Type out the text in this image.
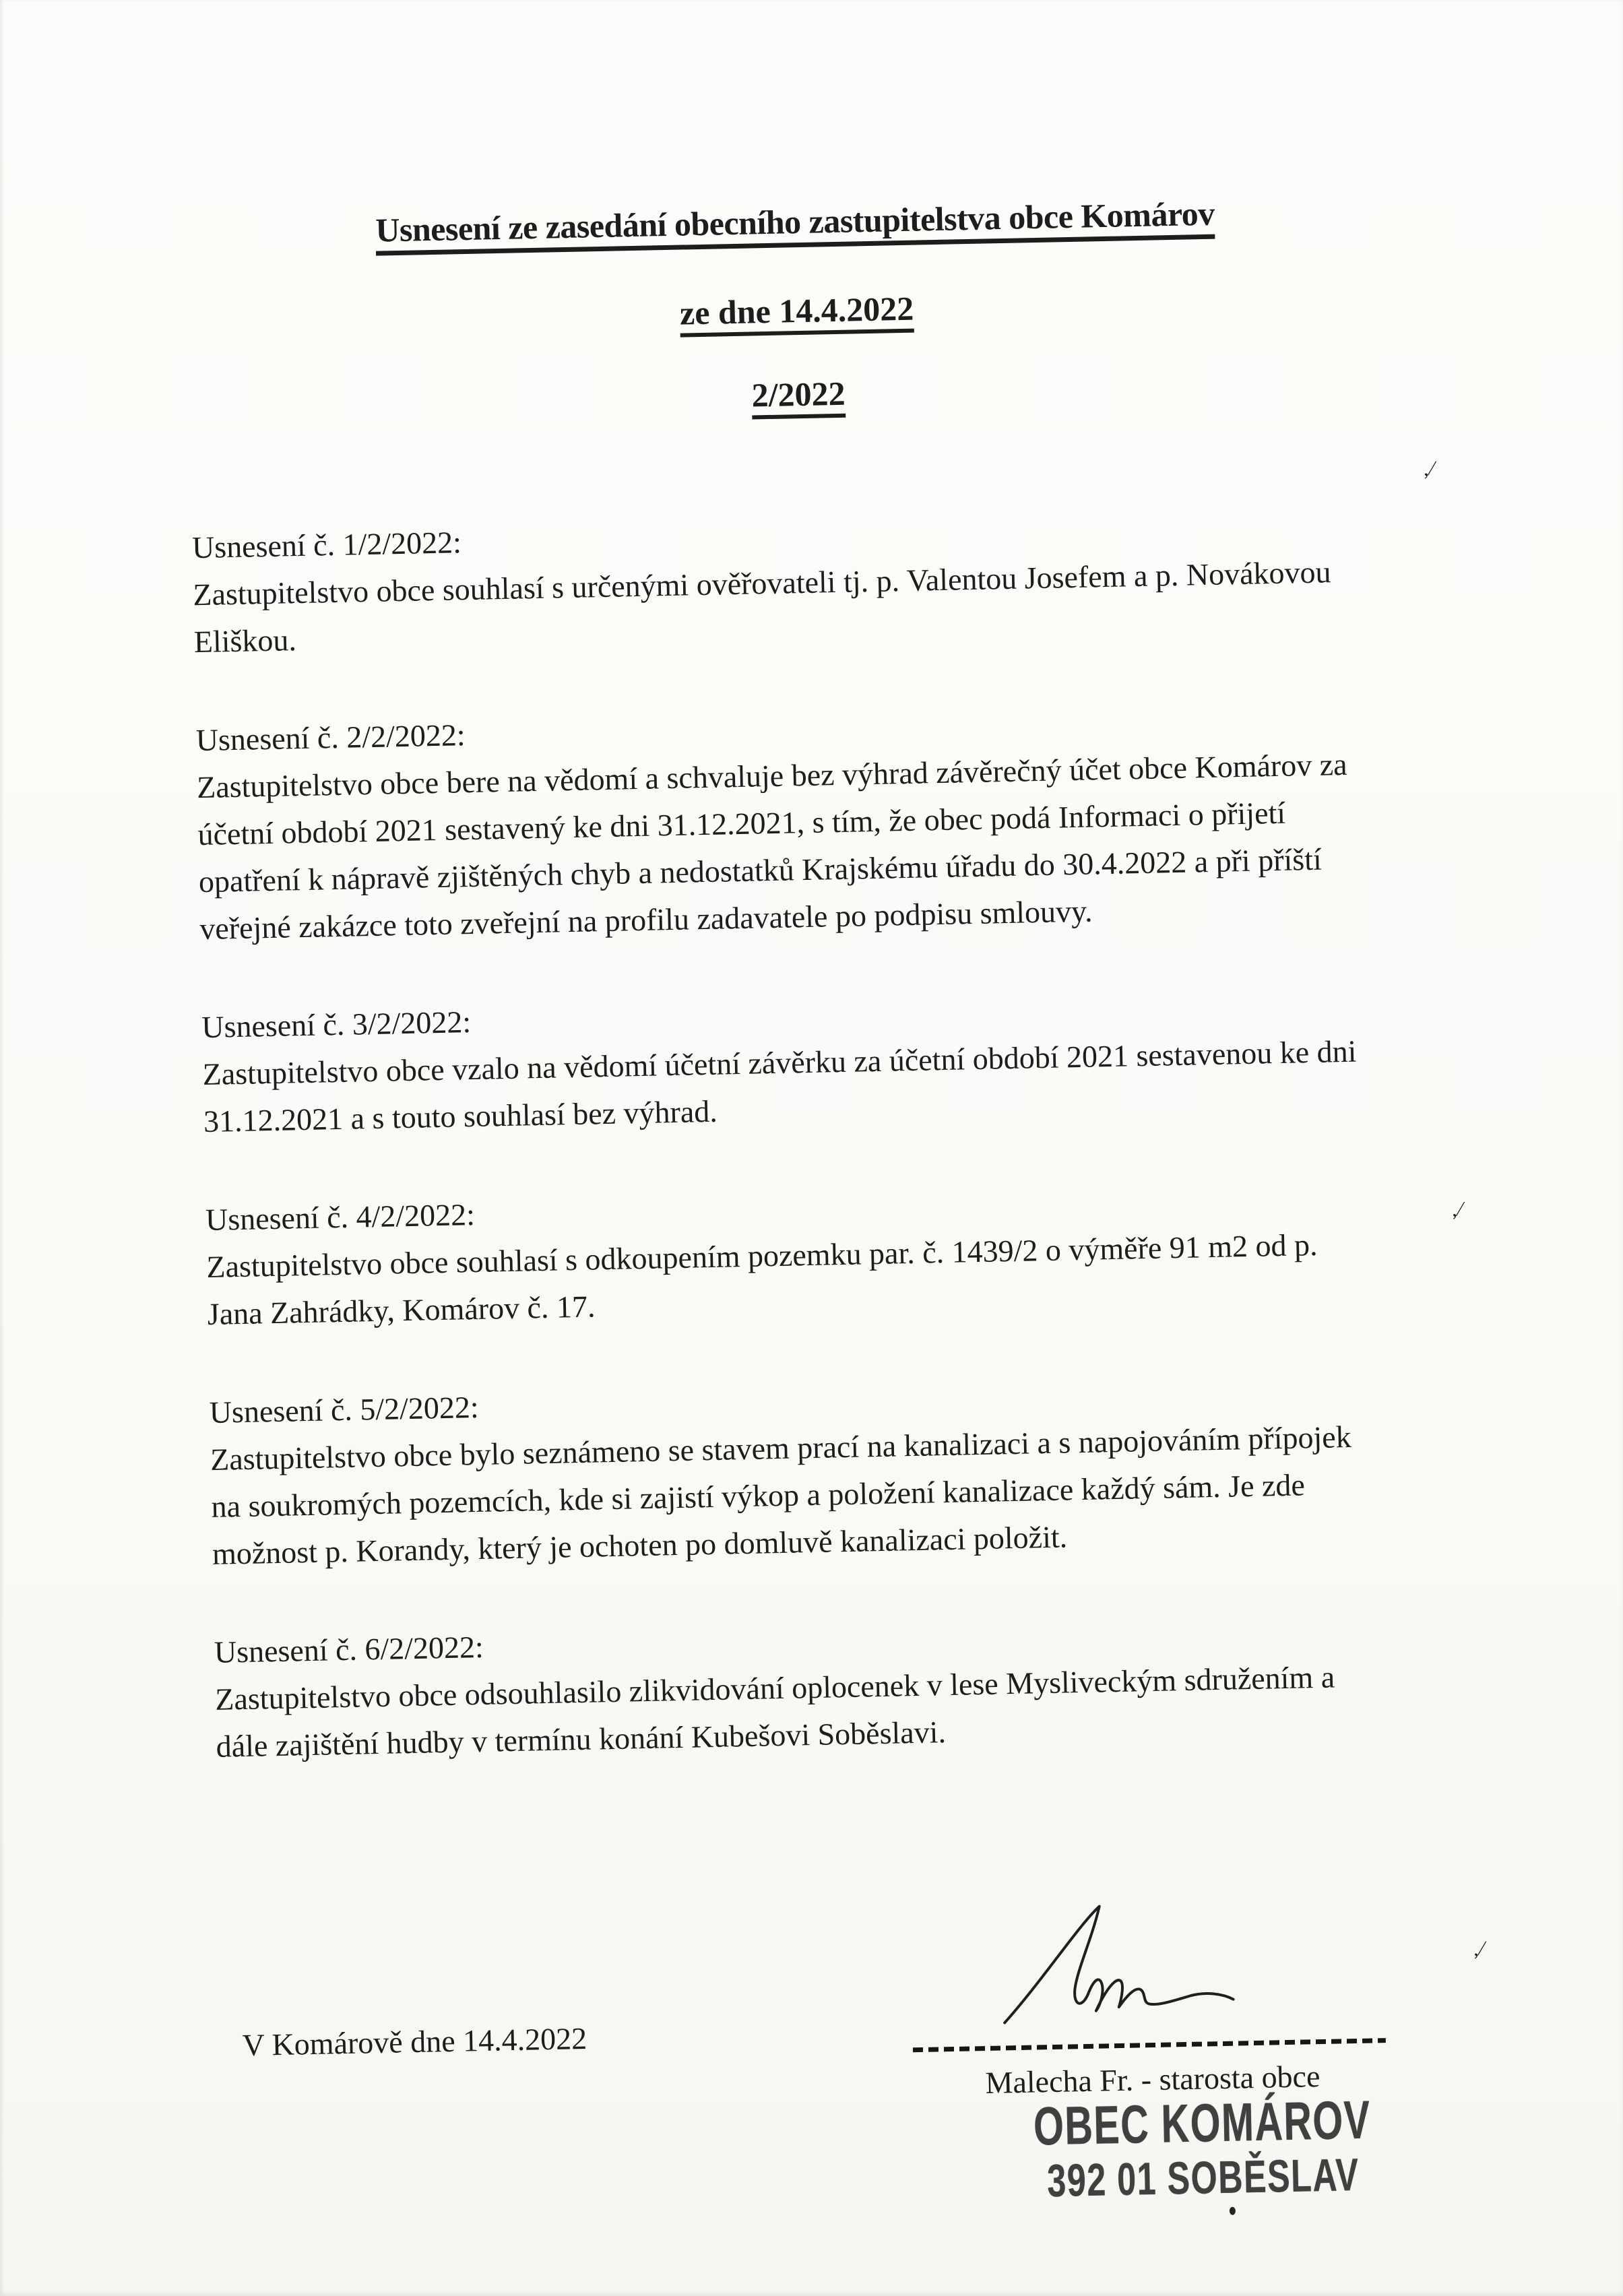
Usnesení ze zasedání obecního zastupitelstva obce Komárov
ze dne 14.4.2022
2/2022
Usnesení č. 1/2/2022:

Zastupitelstvo obce souhlasí s určenými ověřovateli tj. p. Valentou Josefem a p. Novákovou
Eliškou.

Usnesení č. 2/2/2022:

Zastupitelstvo obce bere na vědomí a schvaluje bez výhrad závěrečný účet obce Komárov za
účetní období 2021 sestavený ke dni 31.12.2021, s tím, že obec podá Informaci o přijetí
opatření k nápravě zjištěných chyb a nedostatků Krajskému úřadu do 30.4.2022 a při příští
veřejné zakázce toto zveřejní na profilu zadavatele po podpisu smlouvy.

Usnesení č. 3/2/2022:

Zastupitelstvo obce vzalo na vědomí účetní závěrku za účetní období 2021 sestavenou ke dni
31.12.2021 a s touto souhlasí bez výhrad.

Usnesení č. 4/2/2022:

Zastupitelstvo obce souhlasí s odkoupením pozemku par. č. 1439/2 o výměře 91 m2 od p.
Jana Zahrádky, Komárov č. 17.

Usnesení č. 5/2/2022:

Zastupitelstvo obce bylo seznámeno se stavem prací na kanalizaci a s napojováním přípojek
na soukromých pozemcích, kde si zajistí výkop a položení kanalizace každý sám. Je zde
možnost p. Korandy, který je ochoten po domluvě kanalizaci položit.

Usnesení č. 6/2/2022:

Zastupitelstvo obce odsouhlasilo zlikvidování oplocenek v lese Mysliveckým sdružením a
dále zajištění hudby v termínu konání Kubešovi Soběslavi.

V Komárově dne 14.4.2022
Malecha Fr. - starosta obce
OBEC KOMÁROV
392 01 SOBĚSLAV
‚⁄
‚⁄
‚⁄
